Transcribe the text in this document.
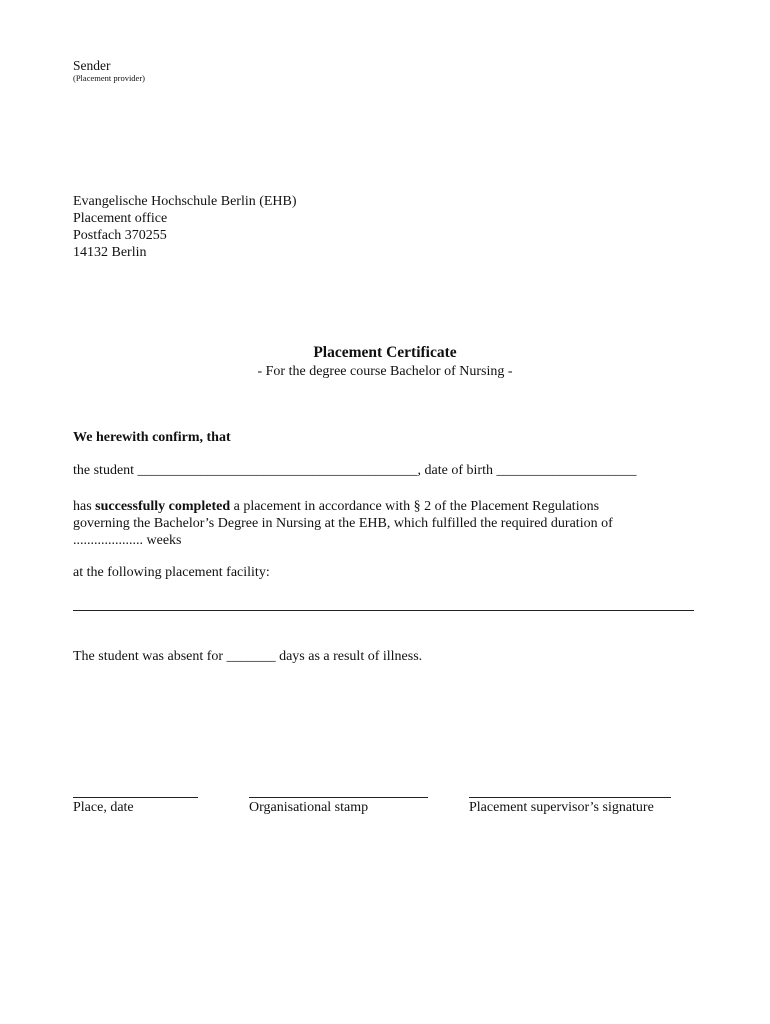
Sender
(Placement provider)
Evangelische Hochschule Berlin (EHB)
Placement office
Postfach 370255
14132 Berlin
Placement Certificate
- For the degree course Bachelor of Nursing -
We herewith confirm, that
the student ________________________________________, date of birth ____________________
has successfully completed a placement in accordance with § 2 of the Placement Regulations
governing the Bachelor’s Degree in Nursing at the EHB, which fulfilled the required duration of
.................... weeks
at the following placement facility:
The student was absent for _______ days as a result of illness.
Place, date	Organisational stamp	Placement supervisor’s signature
